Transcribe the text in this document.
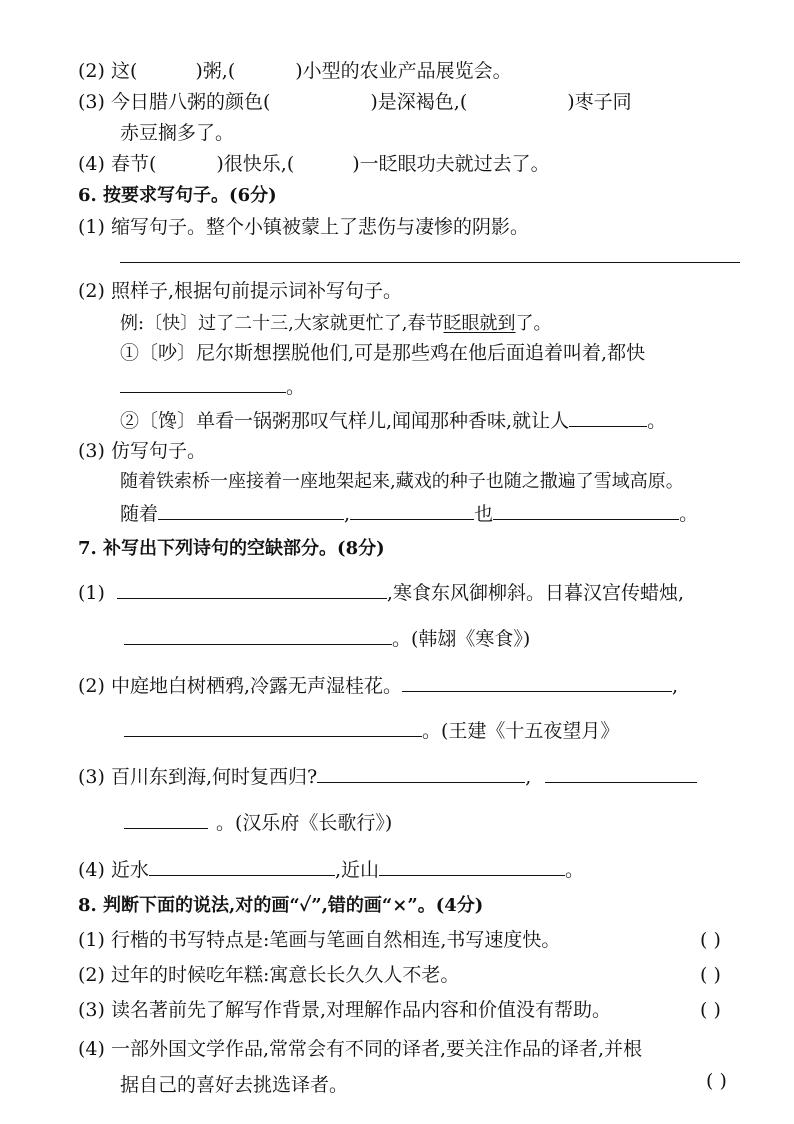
(2) 这(	)粥,(	)小型的农业产品展览会。
(3) 今日腊八粥的颜色(	)是深褐色,(	)枣子同
赤豆搁多了。
(4) 春节(	)很快乐,(	)一眨眼功夫就过去了。
6. 按要求写句子。(6分)
(1) 缩写句子。整个小镇被蒙上了悲伤与凄惨的阴影。
(2) 照样子,根据句前提示词补写句子。
例:〔快〕过了二十三,大家就更忙了,春节眨眼就到了。
①〔吵〕尼尔斯想摆脱他们,可是那些鸡在他后面追着叫着,都快
。
②〔馋〕单看一锅粥那叹气样儿,闻闻那种香味,就让人	。
(3) 仿写句子。
随着铁索桥一座接着一座地架起来,藏戏的种子也随之撒遍了雪域高原。
随着	,	也	。
7. 补写出下列诗句的空缺部分。(8分)
(1)	,寒食东风御柳斜。日暮汉宫传蜡烛,
。(韩翃《寒食》)
(2) 中庭地白树栖鸦,冷露无声湿桂花。	,
。(王建《十五夜望月》
(3) 百川东到海,何时复西归?	,
。(汉乐府《长歌行》)
(4) 近水	,近山	。
8. 判断下面的说法,对的画“✓”,错的画“×”。(4分)
(1) 行楷的书写特点是:笔画与笔画自然相连,书写速度快。	( )
(2) 过年的时候吃年糕:寓意长长久久人不老。	( )
(3) 读名著前先了解写作背景,对理解作品内容和价值没有帮助。	( )
(4) 一部外国文学作品,常常会有不同的译者,要关注作品的译者,并根
据自己的喜好去挑选译者。	( )
